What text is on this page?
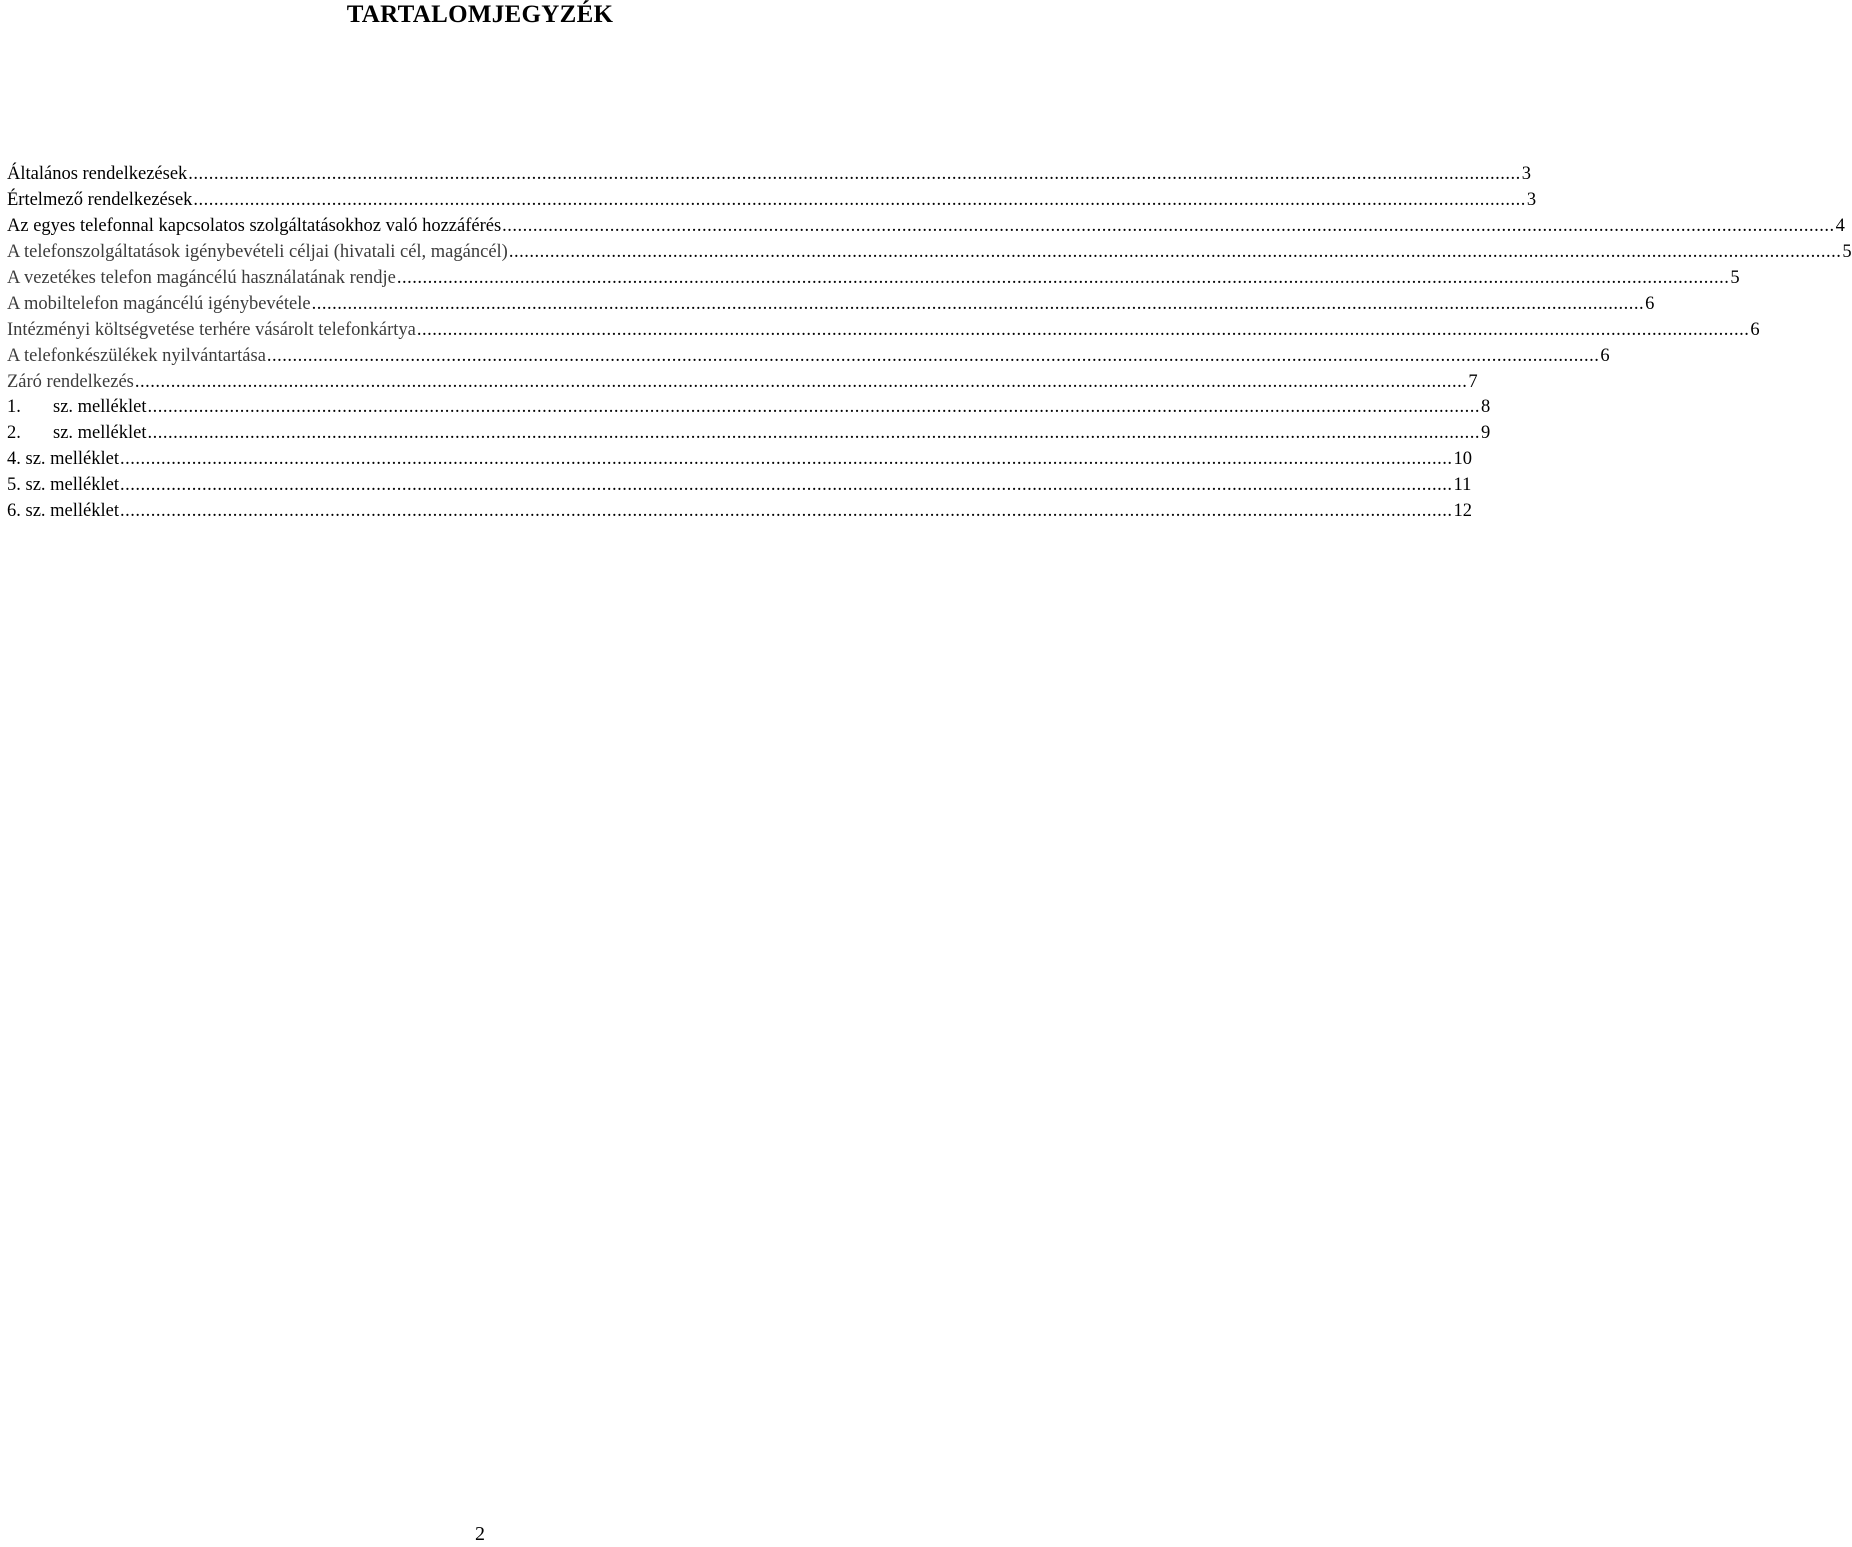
TARTALOMJEGYZÉK
Általános rendelkezések .....	3
Értelmező rendelkezések .....	3
Az egyes telefonnal kapcsolatos szolgáltatásokhoz való hozzáférés .....	4
A telefonszolgáltatások igénybevételi céljai (hivatali cél, magáncél) .....	5
A vezetékes telefon magáncélú használatának rendje .....	5
A mobiltelefon magáncélú igénybevétele .....	6
Intézményi költségvetése terhére vásárolt telefonkártya .....	6
A telefonkészülékek nyilvántartása .....	6
Záró rendelkezés .....	7
1. sz. melléklet .....	8
2. sz. melléklet .....	9
4. sz. melléklet .....	10
5. sz. melléklet .....	11
6. sz. melléklet .....	12
2
